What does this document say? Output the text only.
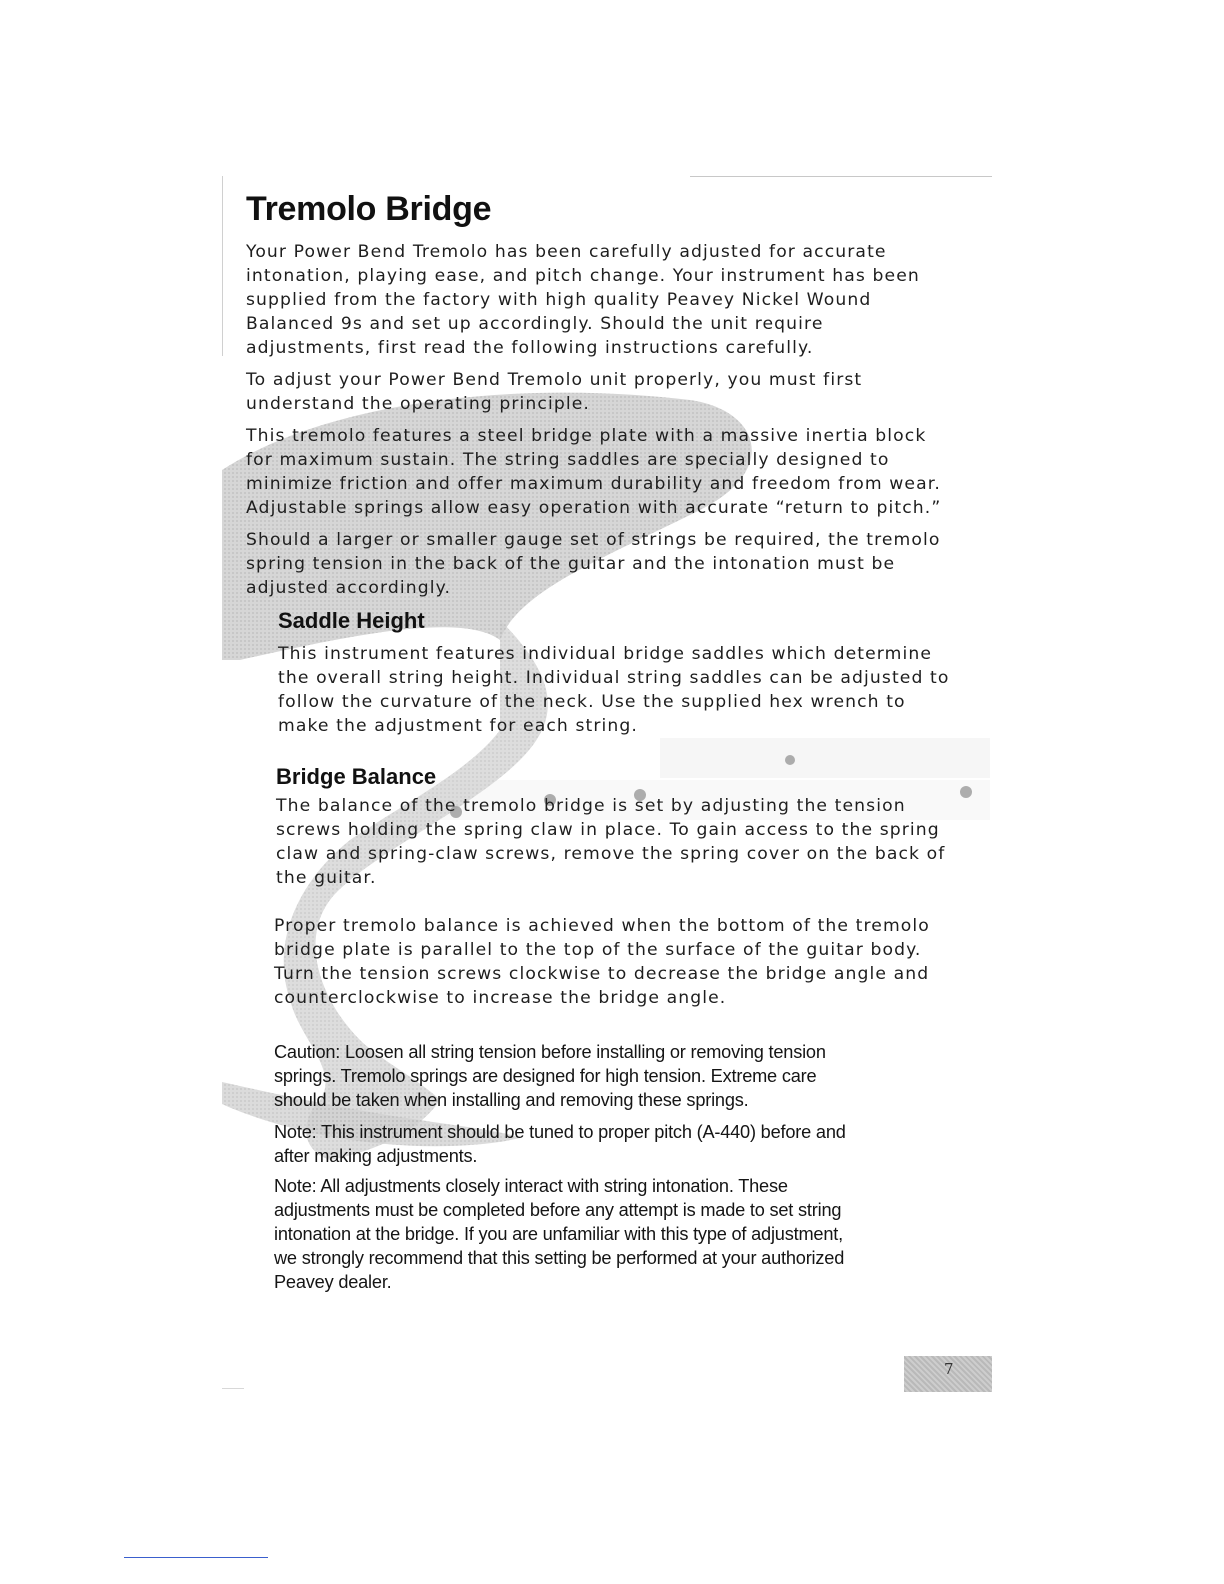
Tremolo Bridge
Your Power Bend Tremolo has been carefully adjusted for accurate
intonation, playing ease, and pitch change. Your instrument has been
supplied from the factory with high quality Peavey Nickel Wound
Balanced 9s and set up accordingly. Should the unit require
adjustments, first read the following instructions carefully.
To adjust your Power Bend Tremolo unit properly, you must first
understand the operating principle.
This tremolo features a steel bridge plate with a massive inertia block
for maximum sustain. The string saddles are specially designed to
minimize friction and offer maximum durability and freedom from wear.
Adjustable springs allow easy operation with accurate “return to pitch.”
Should a larger or smaller gauge set of strings be required, the tremolo
spring tension in the back of the guitar and the intonation must be
adjusted accordingly.
Saddle Height
This instrument features individual bridge saddles which determine
the overall string height. Individual string saddles can be adjusted to
follow the curvature of the neck. Use the supplied hex wrench to
make the adjustment for each string.
Bridge Balance
The balance of the tremolo bridge is set by adjusting the tension
screws holding the spring claw in place. To gain access to the spring
claw and spring-claw screws, remove the spring cover on the back of
the guitar.
Proper tremolo balance is achieved when the bottom of the tremolo
bridge plate is parallel to the top of the surface of the guitar body.
Turn the tension screws clockwise to decrease the bridge angle and
counterclockwise to increase the bridge angle.
Caution: Loosen all string tension before installing or removing tension
springs. Tremolo springs are designed for high tension. Extreme care
should be taken when installing and removing these springs.
Note: This instrument should be tuned to proper pitch (A-440) before and
after making adjustments.
Note: All adjustments closely interact with string intonation. These
adjustments must be completed before any attempt is made to set string
intonation at the bridge. If you are unfamiliar with this type of adjustment,
we strongly recommend that this setting be performed at your authorized
Peavey dealer.
7
